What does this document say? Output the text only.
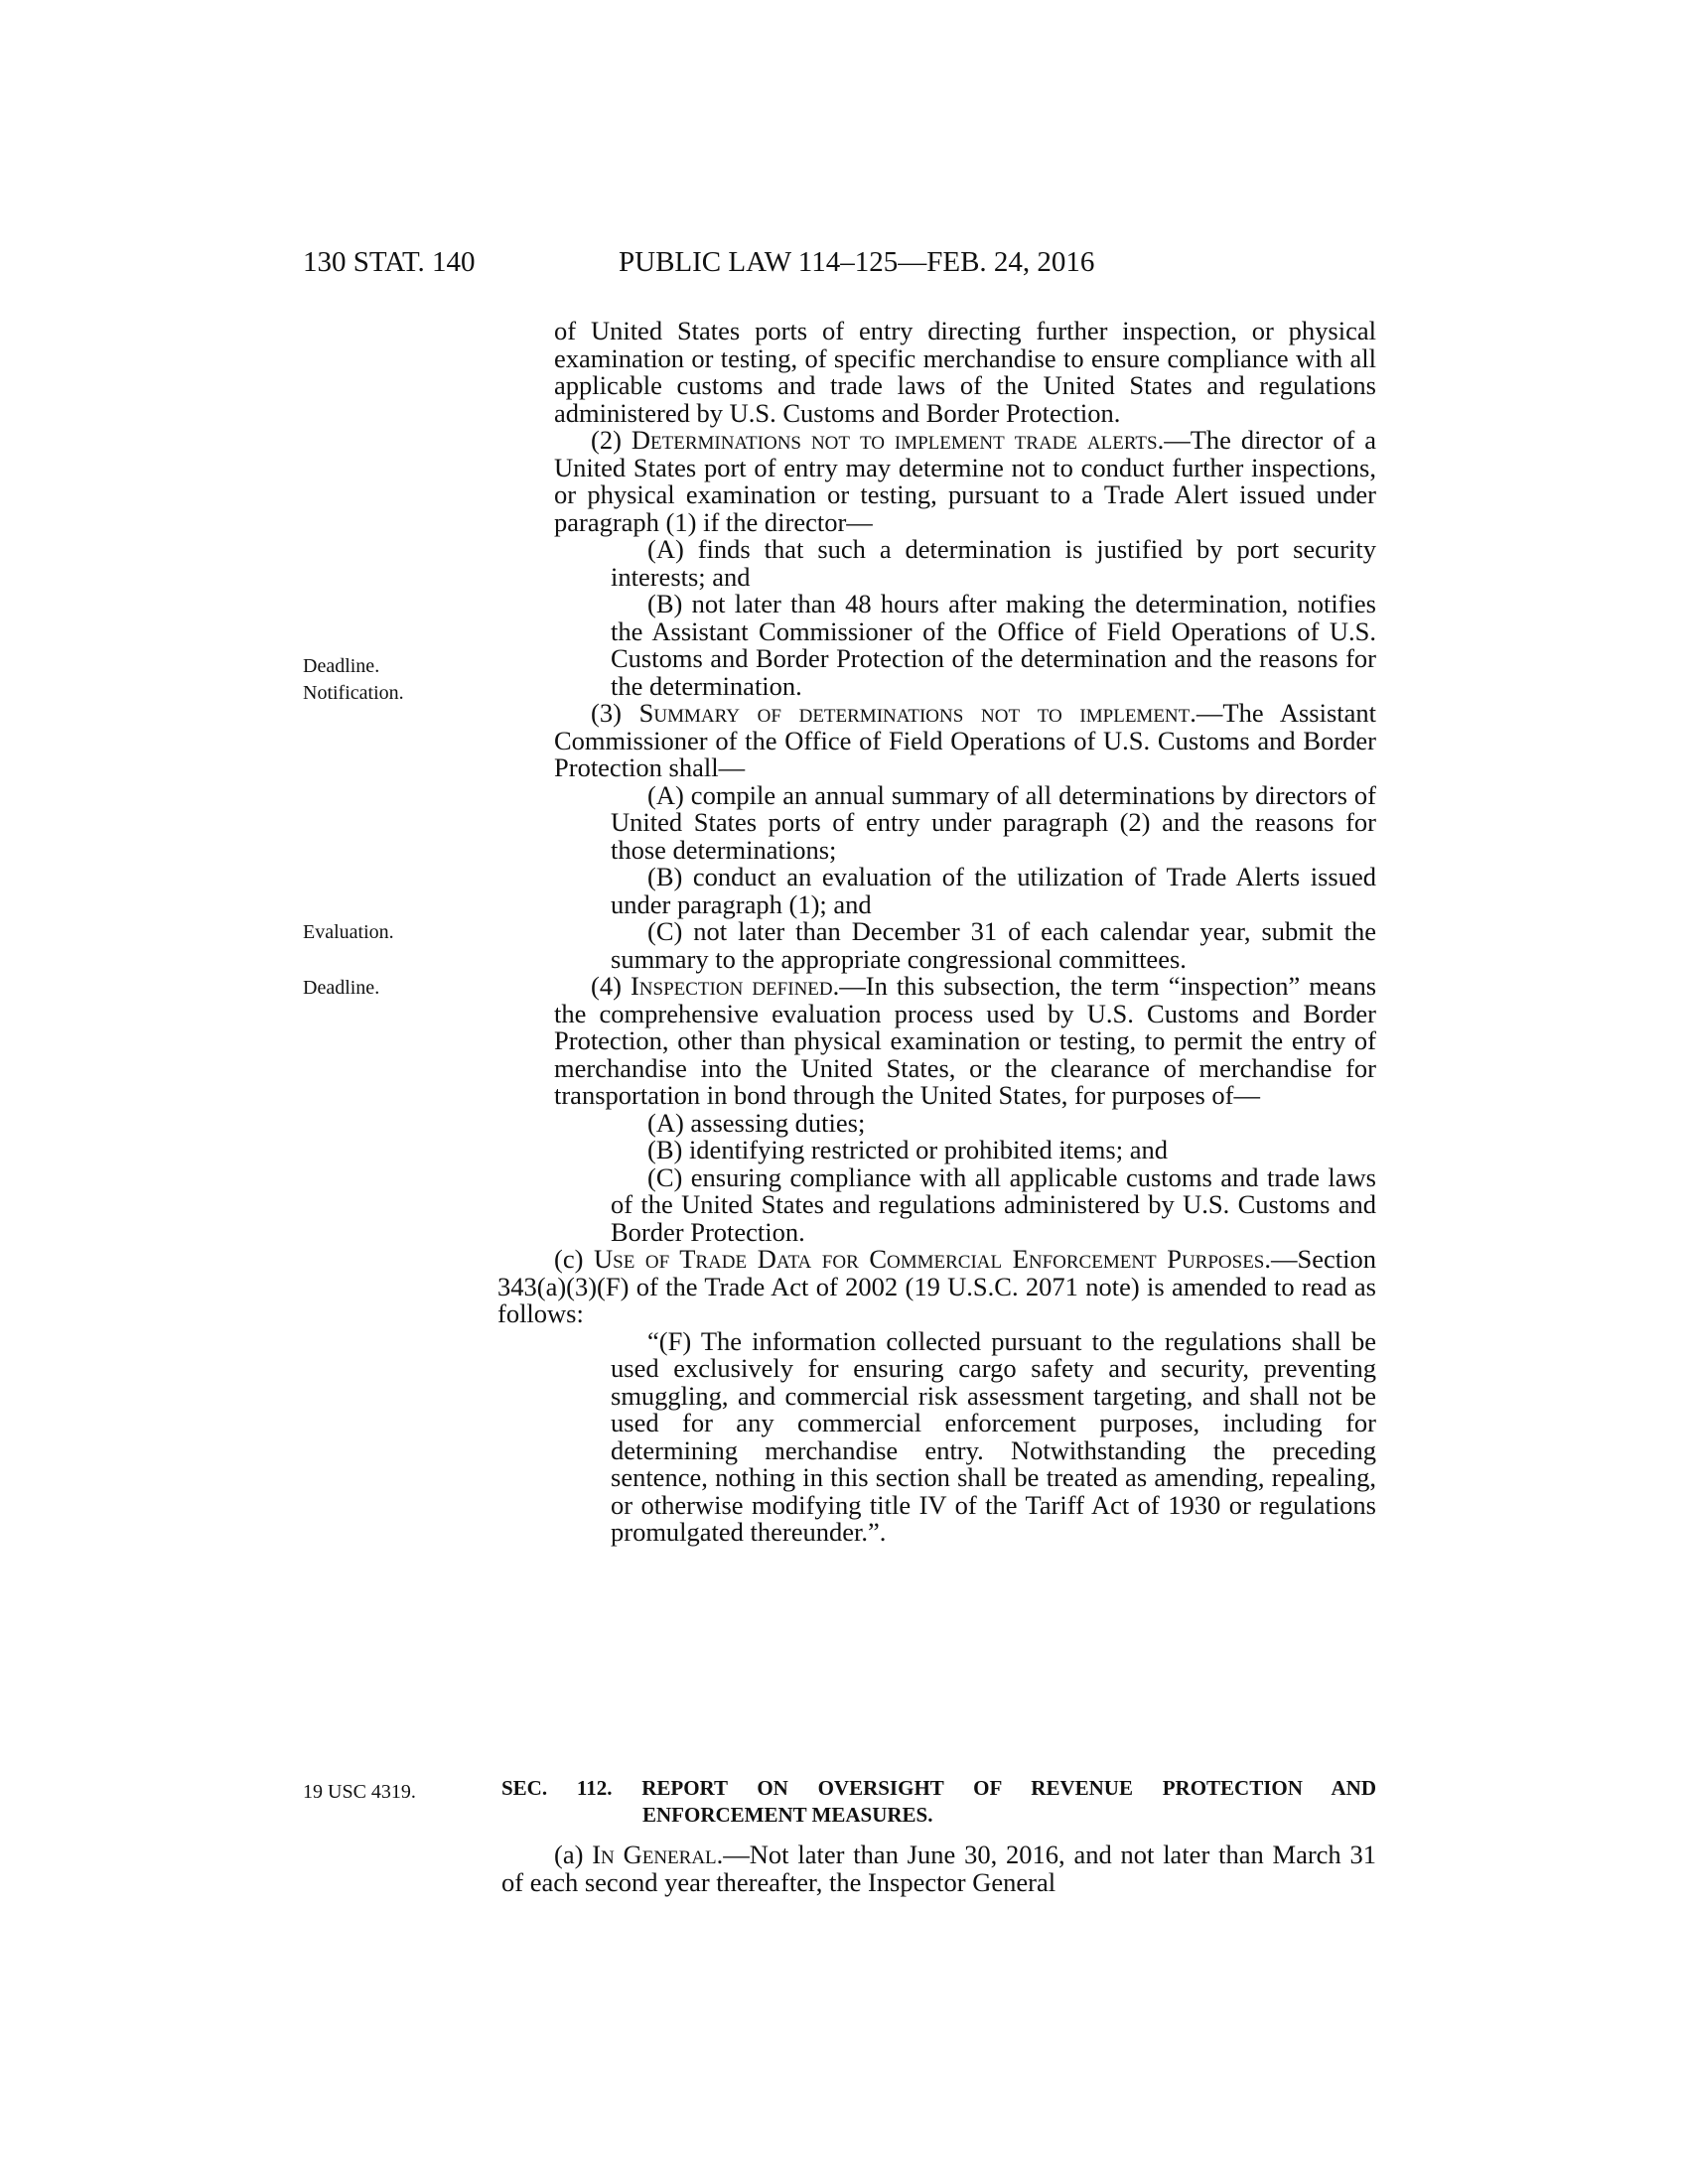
130 STAT. 140	PUBLIC LAW 114–125—FEB. 24, 2016
Deadline.
Notification.
Evaluation.
Deadline.
19 USC 4319.

of United States ports of entry directing further inspection, or physical examination or testing, of specific merchandise to ensure compliance with all applicable customs and trade laws of the United States and regulations administered by U.S. Customs and Border Protection.

(2) Determinations not to implement trade alerts.—The director of a United States port of entry may determine not to conduct further inspections, or physical examination or testing, pursuant to a Trade Alert issued under paragraph (1) if the director—

(A) finds that such a determination is justified by port security interests; and

(B) not later than 48 hours after making the determination, notifies the Assistant Commissioner of the Office of Field Operations of U.S. Customs and Border Protection of the determination and the reasons for the determination.

(3) Summary of determinations not to implement.—The Assistant Commissioner of the Office of Field Operations of U.S. Customs and Border Protection shall—

(A) compile an annual summary of all determinations by directors of United States ports of entry under paragraph (2) and the reasons for those determinations;

(B) conduct an evaluation of the utilization of Trade Alerts issued under paragraph (1); and

(C) not later than December 31 of each calendar year, submit the summary to the appropriate congressional committees.

(4) Inspection defined.—In this subsection, the term “inspection” means the comprehensive evaluation process used by U.S. Customs and Border Protection, other than physical examination or testing, to permit the entry of merchandise into the United States, or the clearance of merchandise for transportation in bond through the United States, for purposes of—

(A) assessing duties;

(B) identifying restricted or prohibited items; and

(C) ensuring compliance with all applicable customs and trade laws of the United States and regulations administered by U.S. Customs and Border Protection.

(c) Use of Trade Data for Commercial Enforcement Purposes.—Section 343(a)(3)(F) of the Trade Act of 2002 (19 U.S.C. 2071 note) is amended to read as follows:

“(F) The information collected pursuant to the regulations shall be used exclusively for ensuring cargo safety and security, preventing smuggling, and commercial risk assessment targeting, and shall not be used for any commercial enforcement purposes, including for determining merchandise entry. Notwithstanding the preceding sentence, nothing in this section shall be treated as amending, repealing, or otherwise modifying title IV of the Tariff Act of 1930 or regulations promulgated thereunder.”.

SEC. 112. REPORT ON OVERSIGHT OF REVENUE PROTECTION AND
ENFORCEMENT MEASURES.

(a) In General.—Not later than June 30, 2016, and not later than March 31 of each second year thereafter, the Inspector General
